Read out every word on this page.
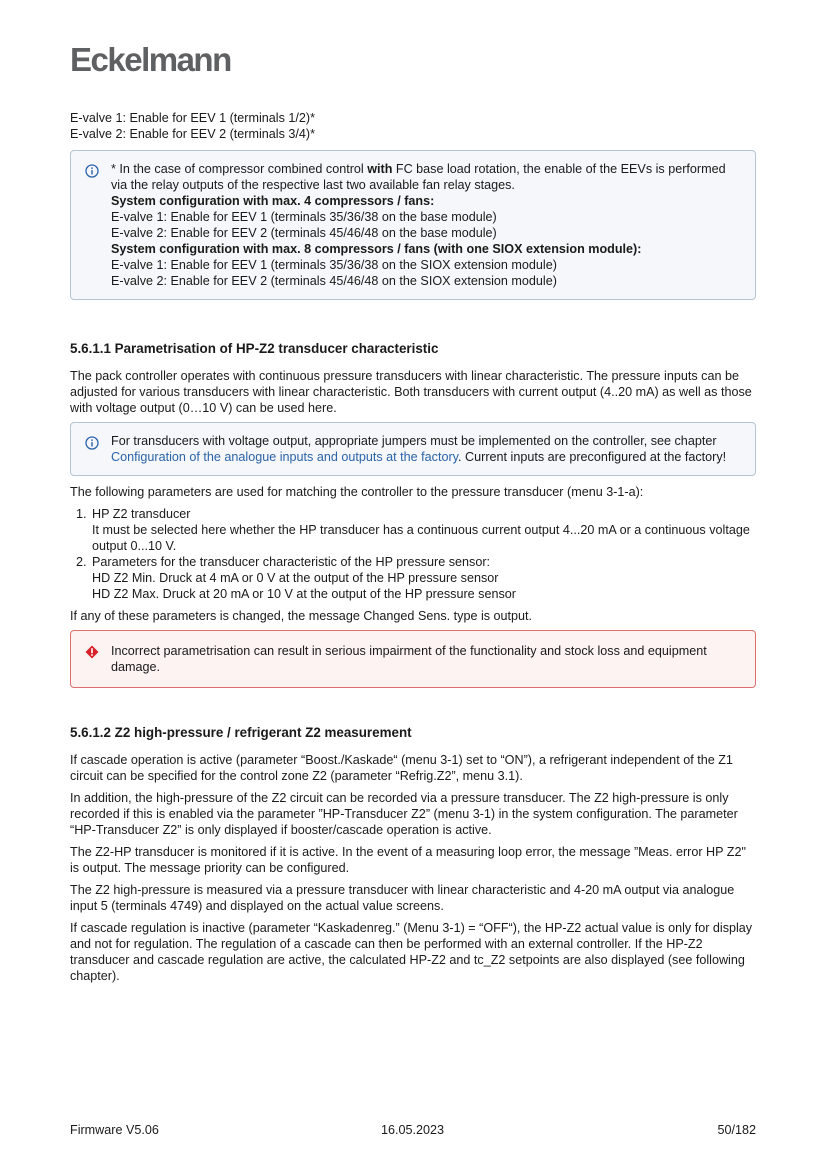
Eckelmann

E-valve 1: Enable for EEV 1 (terminals 1/2)*
E-valve 2: Enable for EEV 2 (terminals 3/4)*

* In the case of compressor combined control with FC base load rotation, the enable of the EEVs is performed via the relay outputs of the respective last two available fan relay stages.
System configuration with max. 4 compressors / fans:
E-valve 1: Enable for EEV 1 (terminals 35/36/38 on the base module)
E-valve 2: Enable for EEV 2 (terminals 45/46/48 on the base module)
System configuration with max. 8 compressors / fans (with one SIOX extension module):
E-valve 1: Enable for EEV 1 (terminals 35/36/38 on the SIOX extension module)
E-valve 2: Enable for EEV 2 (terminals 45/46/48 on the SIOX extension module)
5.6.1.1 Parametrisation of HP-Z2 transducer characteristic

The pack controller operates with continuous pressure transducers with linear characteristic. The pressure inputs can be adjusted for various transducers with linear characteristic. Both transducers with current output (4..20 mA) as well as those with voltage output (0…10 V) can be used here.

For transducers with voltage output, appropriate jumpers must be implemented on the controller, see chapter Configuration of the analogue inputs and outputs at the factory. Current inputs are preconfigured at the factory!

The following parameters are used for matching the controller to the pressure transducer (menu 3-1-a):

1. HP Z2 transducer
It must be selected here whether the HP transducer has a continuous current output 4...20 mA or a continuous voltage output 0...10 V.
2. Parameters for the transducer characteristic of the HP pressure sensor:
HD Z2 Min. Druck at 4 mA or 0 V at the output of the HP pressure sensor
HD Z2 Max. Druck at 20 mA or 10 V at the output of the HP pressure sensor

If any of these parameters is changed, the message Changed Sens. type is output.

Incorrect parametrisation can result in serious impairment of the functionality and stock loss and equipment damage.
5.6.1.2 Z2 high-pressure / refrigerant Z2 measurement

If cascade operation is active (parameter “Boost./Kaskade“ (menu 3-1) set to “ON”), a refrigerant independent of the Z1 circuit can be specified for the control zone Z2 (parameter “Refrig.Z2”, menu 3.1).

In addition, the high-pressure of the Z2 circuit can be recorded via a pressure transducer. The Z2 high-pressure is only recorded if this is enabled via the parameter ”HP-Transducer Z2” (menu 3-1) in the system configuration. The parameter “HP-Transducer Z2” is only displayed if booster/cascade operation is active.

The Z2-HP transducer is monitored if it is active. In the event of a measuring loop error, the message ”Meas. error HP Z2" is output. The message priority can be configured.

The Z2 high-pressure is measured via a pressure transducer with linear characteristic and 4-20 mA output via analogue input 5 (terminals 4749) and displayed on the actual value screens.

If cascade regulation is inactive (parameter “Kaskadenreg.” (Menu 3-1) = “OFF“), the HP-Z2 actual value is only for display and not for regulation. The regulation of a cascade can then be performed with an external controller. If the HP-Z2 transducer and cascade regulation are active, the calculated HP-Z2 and tc_Z2 setpoints are also displayed (see following chapter).

Firmware V5.06	16.05.2023	50/182
